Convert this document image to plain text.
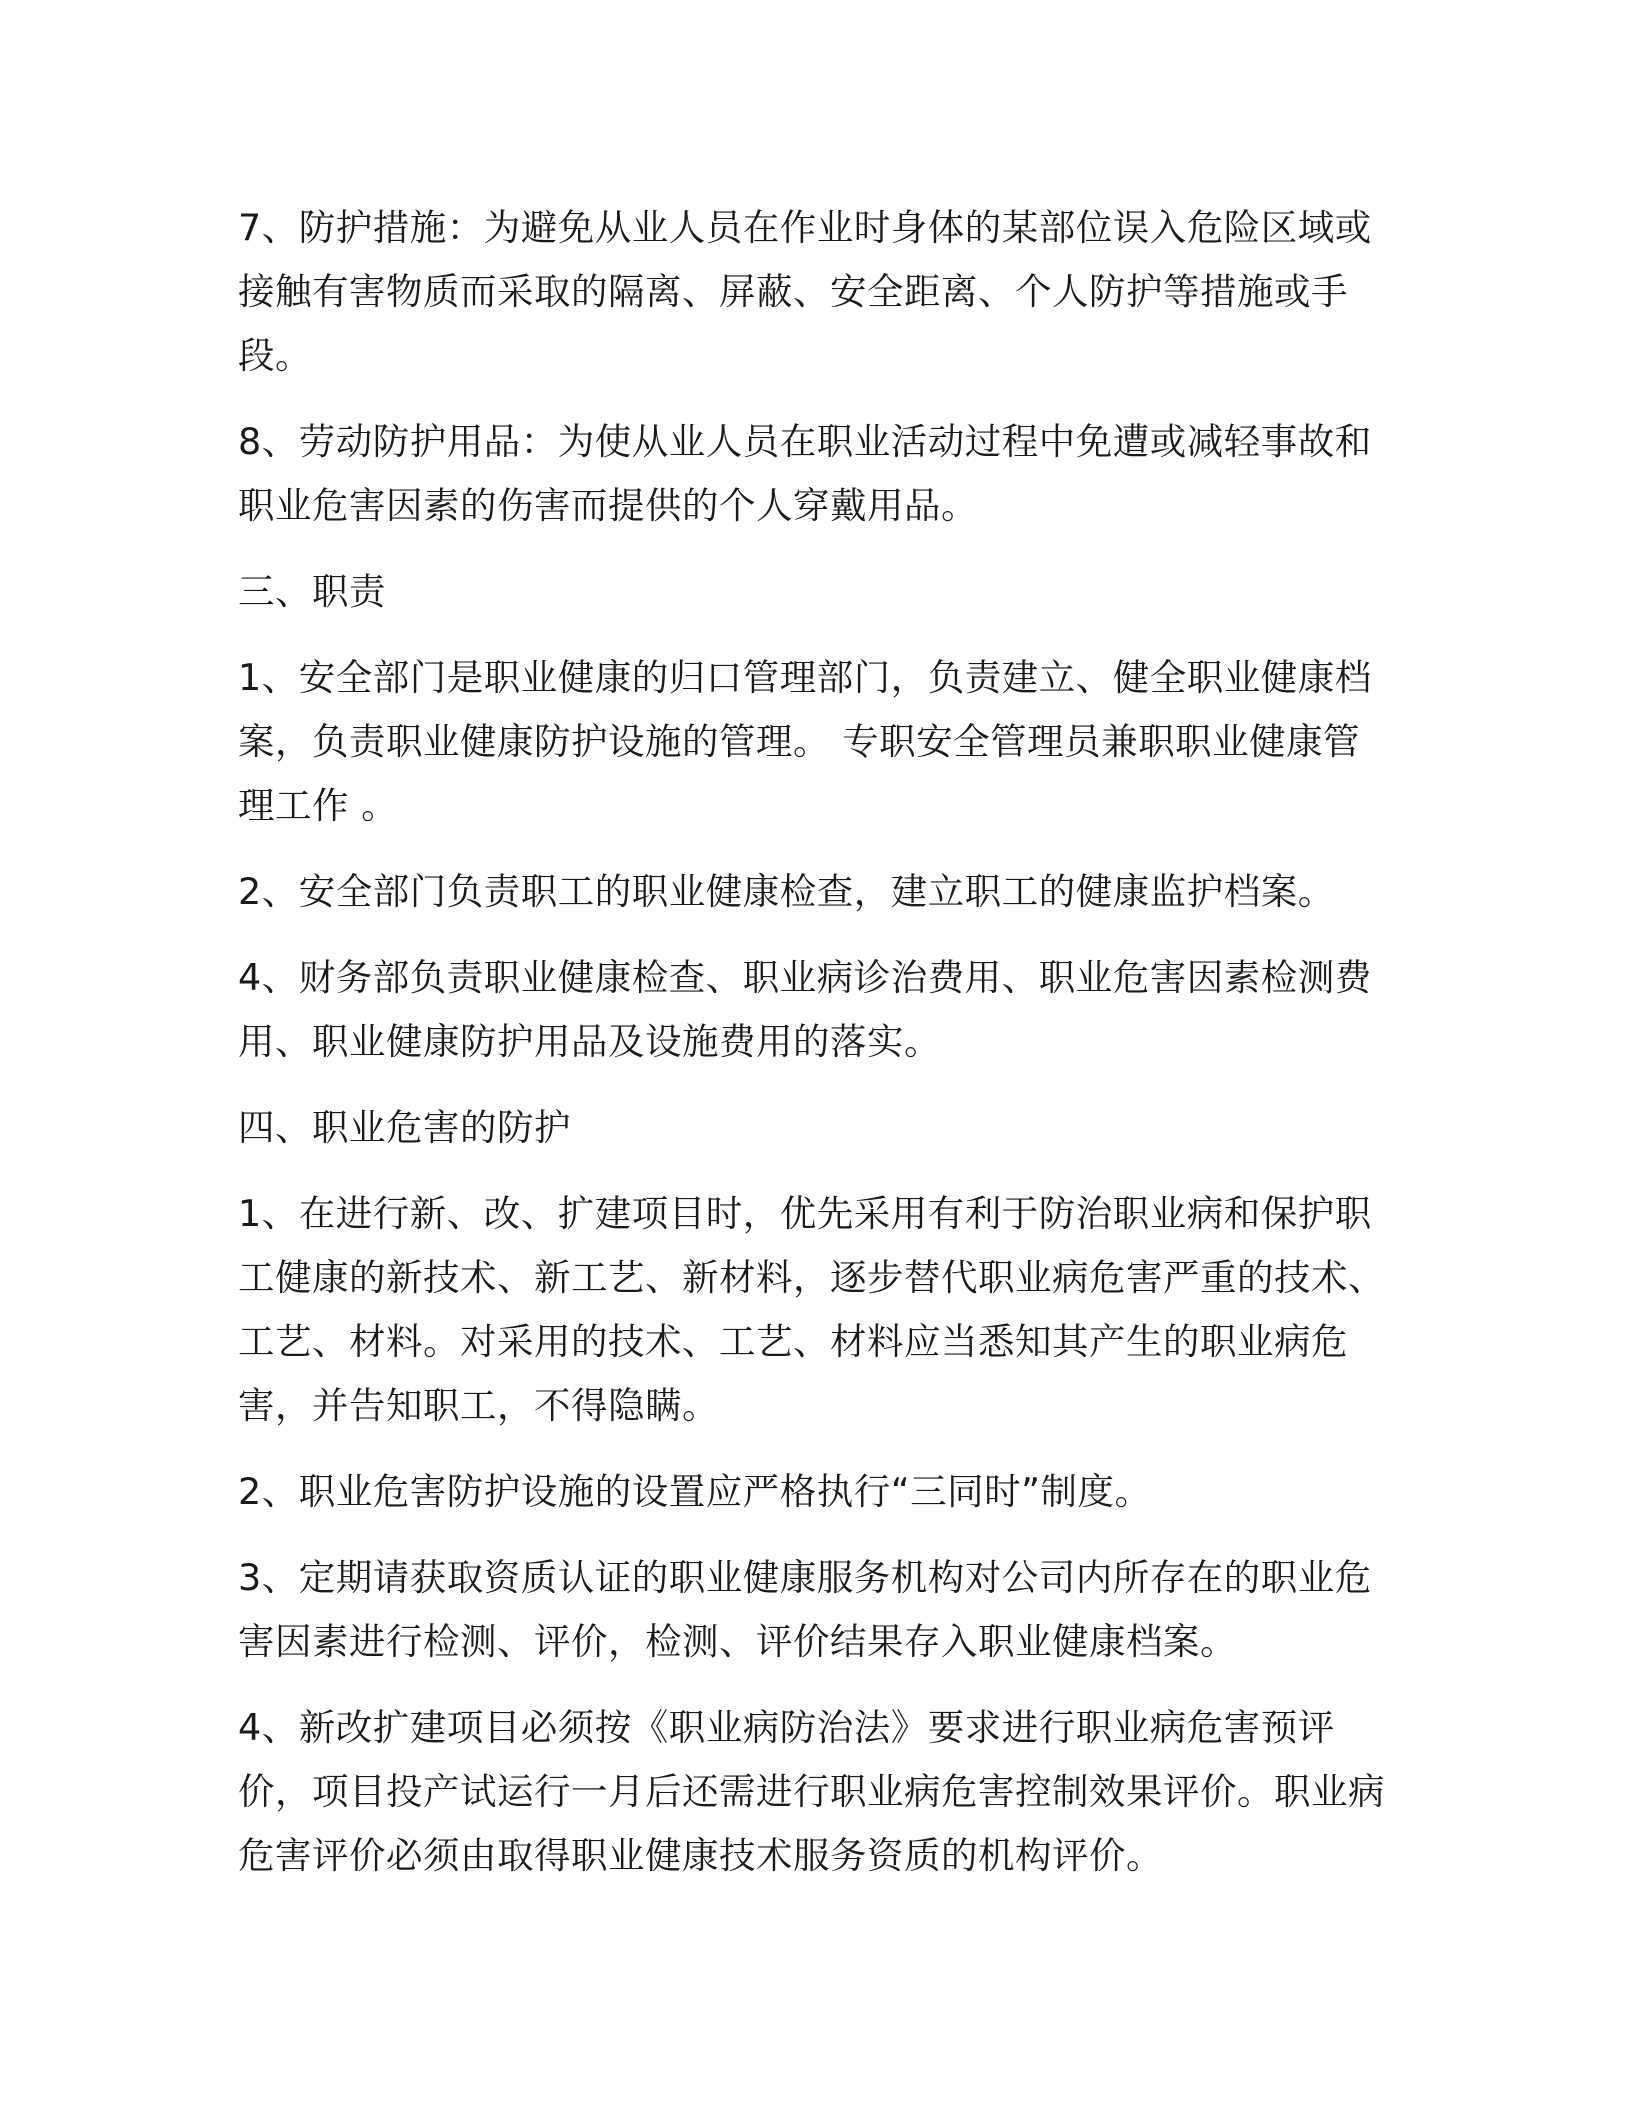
7、防护措施：为避免从业人员在作业时身体的某部位误入危险区域或接触有害物质而采取的隔离、屏蔽、安全距离、个人防护等措施或手段。

8、劳动防护用品：为使从业人员在职业活动过程中免遭或减轻事故和职业危害因素的伤害而提供的个人穿戴用品。

三、职责

1、安全部门是职业健康的归口管理部门，负责建立、健全职业健康档案，负责职业健康防护设施的管理。 专职安全管理员兼职职业健康管理工作 。

2、安全部门负责职工的职业健康检查，建立职工的健康监护档案。

4、财务部负责职业健康检查、职业病诊治费用、职业危害因素检测费用、职业健康防护用品及设施费用的落实。

四、职业危害的防护

1、在进行新、改、扩建项目时，优先采用有利于防治职业病和保护职工健康的新技术、新工艺、新材料，逐步替代职业病危害严重的技术、工艺、材料。对采用的技术、工艺、材料应当悉知其产生的职业病危害，并告知职工，不得隐瞒。

2、职业危害防护设施的设置应严格执行“三同时”制度。

3、定期请获取资质认证的职业健康服务机构对公司内所存在的职业危害因素进行检测、评价，检测、评价结果存入职业健康档案。

4、新改扩建项目必须按《职业病防治法》要求进行职业病危害预评价，项目投产试运行一月后还需进行职业病危害控制效果评价。职业病危害评价必须由取得职业健康技术服务资质的机构评价。
